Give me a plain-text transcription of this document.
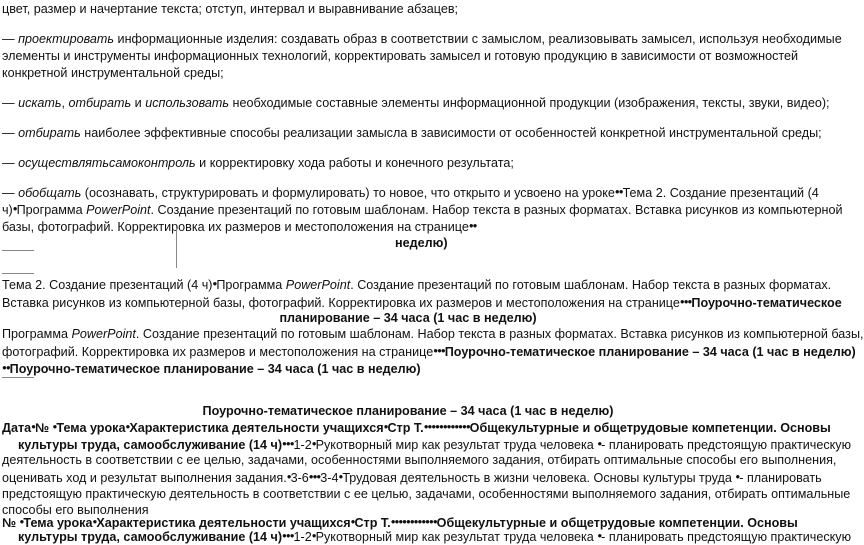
цвет, размер и начертание текста; отступ, интервал и выравнивание абзацев;
— проектировать информационные изделия: создавать образ в соответствии с замыслом, реализовывать замысел, используя необходимые
элементы и инструменты информационных технологий, корректировать замысел и готовую продукцию в зависимости от возможностей
конкретной инструментальной среды;
— искать, отбирать и использовать необходимые составные элементы информационной продукции (изображения, тексты, звуки, видео);
— отбирать наиболее эффективные способы реализации замысла в зависимости от особенностей конкретной инструментальной среды;
— осуществлятьсамоконтроль и корректировку хода работы и конечного результата;
— обобщать (осознавать, структурировать и формулировать) то новое, что открыто и усвоено на уроке●●Тема 2. Создание презентаций (4
ч)●Программа PowerPoint. Создание презентаций по готовым шаблонам. Набор текста в разных форматах. Вставка рисунков из компьютерной
базы, фотографий. Корректировка их размеров и местоположения на странице●●
неделю)
Тема 2. Создание презентаций (4 ч)●Программа PowerPoint. Создание презентаций по готовым шаблонам. Набор текста в разных форматах.
Вставка рисунков из компьютерной базы, фотографий. Корректировка их размеров и местоположения на странице●●●Поурочно-тематическое
планирование – 34 часа (1 час в неделю)
Программа PowerPoint. Создание презентаций по готовым шаблонам. Набор текста в разных форматах. Вставка рисунков из компьютерной базы,
фотографий. Корректировка их размеров и местоположения на странице●●●Поурочно-тематическое планирование – 34 часа (1 час в неделю)
●●Поурочно-тематическое планирование – 34 часа (1 час в неделю)
Поурочно-тематическое планирование – 34 часа (1 час в неделю)
Дата●№ ●Тема урока●Характеристика деятельности учащихся●Стр Т.●●●●●●●●●●●●Общекультурные и общетрудовые компетенции. Основы
культуры труда, самообслуживание (14 ч)●●●1-2●Рукотворный мир как результат труда человека ●- планировать предстоящую практическую
деятельность в соответствии с ее целью, задачами, особенностями выполняемого задания, отбирать оптимальные способы его выполнения,
оценивать ход и результат выполнения задания.●3-6●●●3-4●Трудовая деятельность в жизни человека. Основы культуры труда ●- планировать
предстоящую практическую деятельность в соответствии с ее целью, задачами, особенностями выполняемого задания, отбирать оптимальные
способы его выполнения
№ ●Тема урока●Характеристика деятельности учащихся●Стр Т.●●●●●●●●●●●●Общекультурные и общетрудовые компетенции. Основы
культуры труда, самообслуживание (14 ч)●●●1-2●Рукотворный мир как результат труда человека ●- планировать предстоящую практическую
